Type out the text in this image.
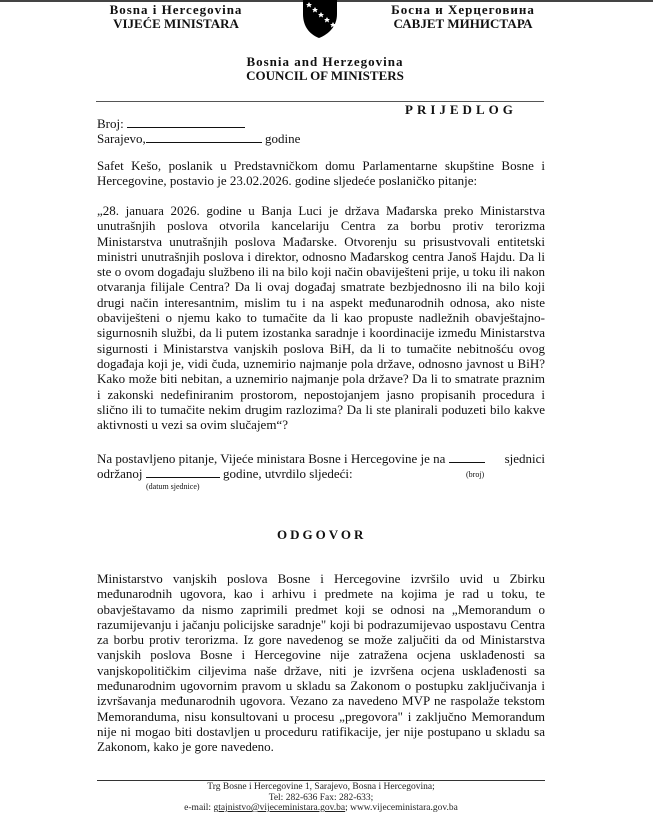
Bosna i Hercegovina
VIJEĆE MINISTARA
Босна и Херцеговина
САВЈЕТ МИНИСТАРА
Bosnia and Herzegovina
COUNCIL OF MINISTERS
PRIJEDLOG
Broj:
Sarajevo,	godine

Safet Kešo, poslanik u Predstavničkom domu Parlamentarne skupštine Bosne i Hercegovine, postavio je 23.02.2026. godine sljedeće poslaničko pitanje:

„28. januara 2026. godine u Banja Luci je država Mađarska preko Ministarstva unutrašnjih poslova otvorila kancelariju Centra za borbu protiv terorizma Ministarstva unutrašnjih poslova Mađarske. Otvorenju su prisustvovali entitetski ministri unutrašnjih poslova i direktor, odnosno Mađarskog centra Janoš Hajdu. Da li ste o ovom događaju službeno ili na bilo koji način obaviješteni prije, u toku ili nakon otvaranja filijale Centra? Da li ovaj događaj smatrate bezbjednosno ili na bilo koji drugi način interesantnim, mislim tu i na aspekt međunarodnih odnosa, ako niste obaviješteni o njemu kako to tumačite da li kao propuste nadležnih obavještajno-sigurnosnih službi, da li putem izostanka saradnje i koordinacije između Ministarstva sigurnosti i Ministarstva vanjskih poslova BiH, da li to tumačite nebitnošću ovog događaja koji je, vidi čuda, uznemirio najmanje pola države, odnosno javnost u BiH? Kako može biti nebitan, a uznemirio najmanje pola države? Da li to smatrate praznim i zakonski nedefiniranim prostorom, nepostojanjem jasno propisanih procedura i slično ili to tumačite nekim drugim razlozima? Da li ste planirali poduzeti bilo kakve aktivnosti u vezi sa ovim slučajem“?

Na postavljeno pitanje, Vijeće ministara Bosne i Hercegovine je na	sjednici
održanoj	godine, utvrdilo sljedeći:	(broj)
(datum sjednice)
ODGOVOR

Ministarstvo vanjskih poslova Bosne i Hercegovine izvršilo uvid u Zbirku međunarodnih ugovora, kao i arhivu i predmete na kojima je rad u toku, te obavještavamo da nismo zaprimili predmet koji se odnosi na „Memorandum o razumijevanju i jačanju policijske saradnje" koji bi podrazumijevao uspostavu Centra za borbu protiv terorizma. Iz gore navedenog se može zaljučiti da od Ministarstva vanjskih poslova Bosne i Hercegovine nije zatražena ocjena usklađenosti sa vanjskopolitičkim ciljevima naše države, niti je izvršena ocjena usklađenosti sa međunarodnim ugovornim pravom u skladu sa Zakonom o postupku zaključivanja i izvršavanja međunarodnih ugovora. Vezano za navedeno MVP ne raspolaže tekstom Memoranduma, nisu konsultovani u procesu „pregovora" i zaključno Memorandum nije ni mogao biti dostavljen u proceduru ratifikacije, jer nije postupano u skladu sa Zakonom, kako je gore navedeno.

Trg Bosne i Hercegovine 1, Sarajevo, Bosna i Hercegovina;
Tel: 282-636 Fax: 282-633;
e-mail: gtajnistvo@vijeceministara.gov.ba; www.vijeceministara.gov.ba
